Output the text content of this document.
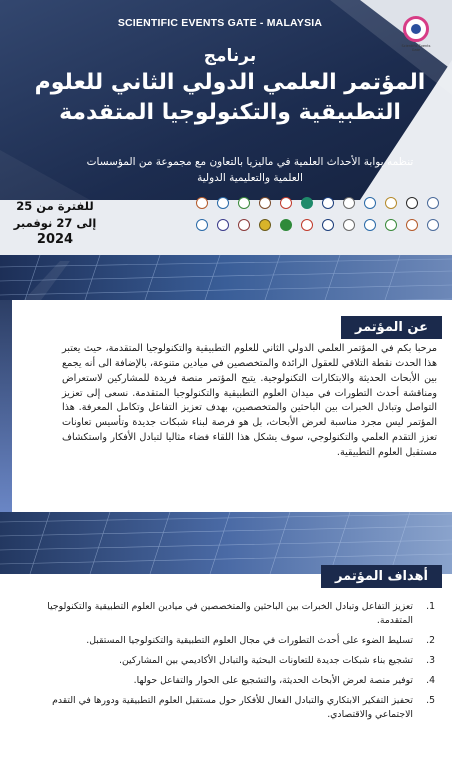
SCIENTIFIC EVENTS GATE - MALAYSIA
Scientific Events Gate
برنامج
المؤتمر العلمي الدولي الثاني للعلوم
التطبيقية والتكنولوجيا المتقدمة
تنظمه بوابة الأحداث العلمية في ماليزيا بالتعاون مع مجموعة من المؤسسات
العلمية والتعليمية الدولية
للفترة من 25
إلى 27 نوفمبر
2024
عن المؤتمر

مرحبا بكم في المؤتمر العلمي الدولي الثاني للعلوم التطبيقية والتكنولوجيا المتقدمة، حيث يعتبر هذا الحدث نقطة التلاقي للعقول الرائدة والمتخصصين في ميادين متنوعة، بالإضافة الى أنه يجمع بين الأبحاث الحديثة والابتكارات التكنولوجية. يتيح المؤتمر منصة فريدة للمشاركين لاستعراض ومناقشة أحدث التطورات في ميدان العلوم التطبيقية والتكنولوجيا المتقدمة. نسعى إلى تعزيز التواصل وتبادل الخبرات بين الباحثين والمتخصصين، بهدف تعزيز التفاعل وتكامل المعرفة. هذا المؤتمر ليس مجرد مناسبة لعرض الأبحاث، بل هو فرصة لبناء شبكات جديدة وتأسيس تعاونات تعزز التقدم العلمي والتكنولوجي، سوف يشكل هذا اللقاء فضاء مثاليا لتبادل الأفكار واستكشاف مستقبل العلوم التطبيقية.

أهداف المؤتمر
1.
تعزيز التفاعل وتبادل الخبرات بين الباحثين والمتخصصين في ميادين العلوم التطبيقية والتكنولوجيا المتقدمة.
2.
تسليط الضوء على أحدث التطورات في مجال العلوم التطبيقية والتكنولوجيا المستقبل.
3.
تشجيع بناء شبكات جديدة للتعاونات البحثية والتبادل الأكاديمي بين المشاركين.
4.
توفير منصة لعرض الأبحاث الحديثة، والتشجيع على الحوار والتفاعل حولها.
5.
تحفيز التفكير الابتكاري والتبادل الفعال للأفكار حول مستقبل العلوم التطبيقية ودورها في التقدم الاجتماعي والاقتصادي.
